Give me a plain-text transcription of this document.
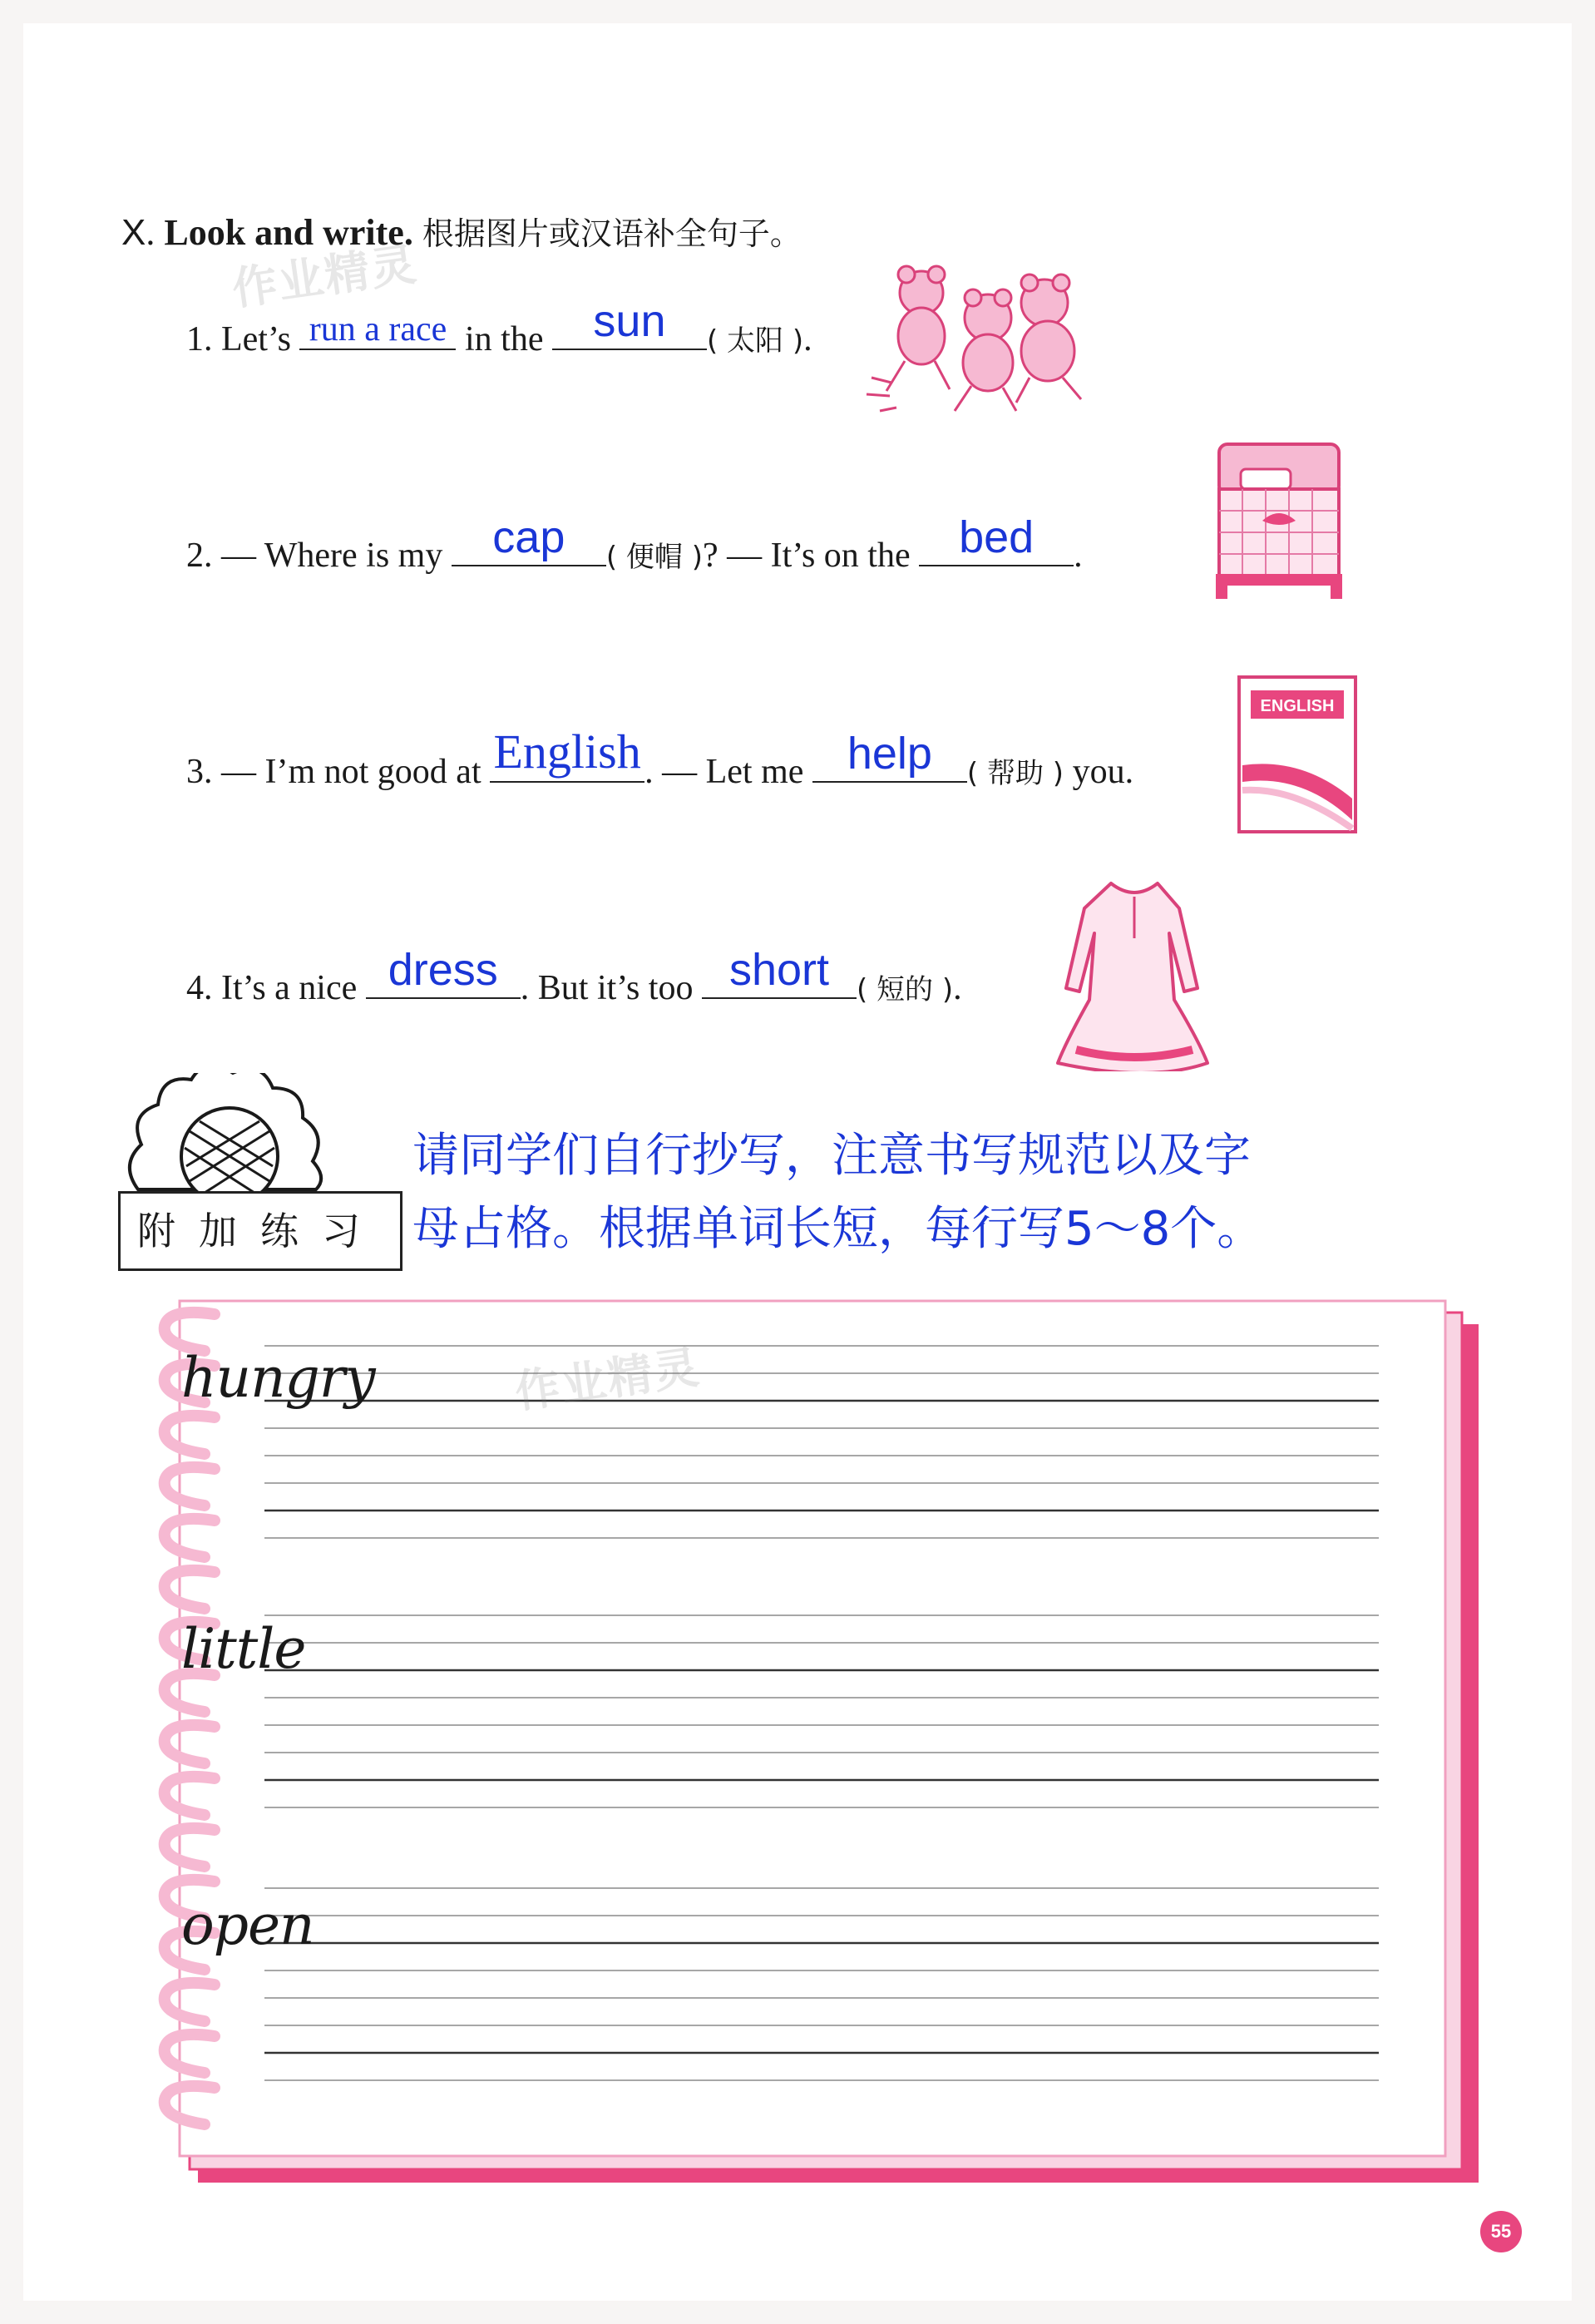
X. Look and write. 根据图片或汉语补全句子。
作业精灵
1. Let’s run a race in the sun	( 太阳 ).
2. — Where is my cap	( 便帽 )? — It’s on the bed	.
3. — I’m not good at English . — Let me help	( 帮助 ) you.
4. It’s a nice dress . But it’s too short ( 短的 ).
ENGLISH
附加练习
请同学们自行抄写，注意书写规范以及字
母占格。根据单词长短，每行写5～8个。
hungry
little
open
作业精灵
55
